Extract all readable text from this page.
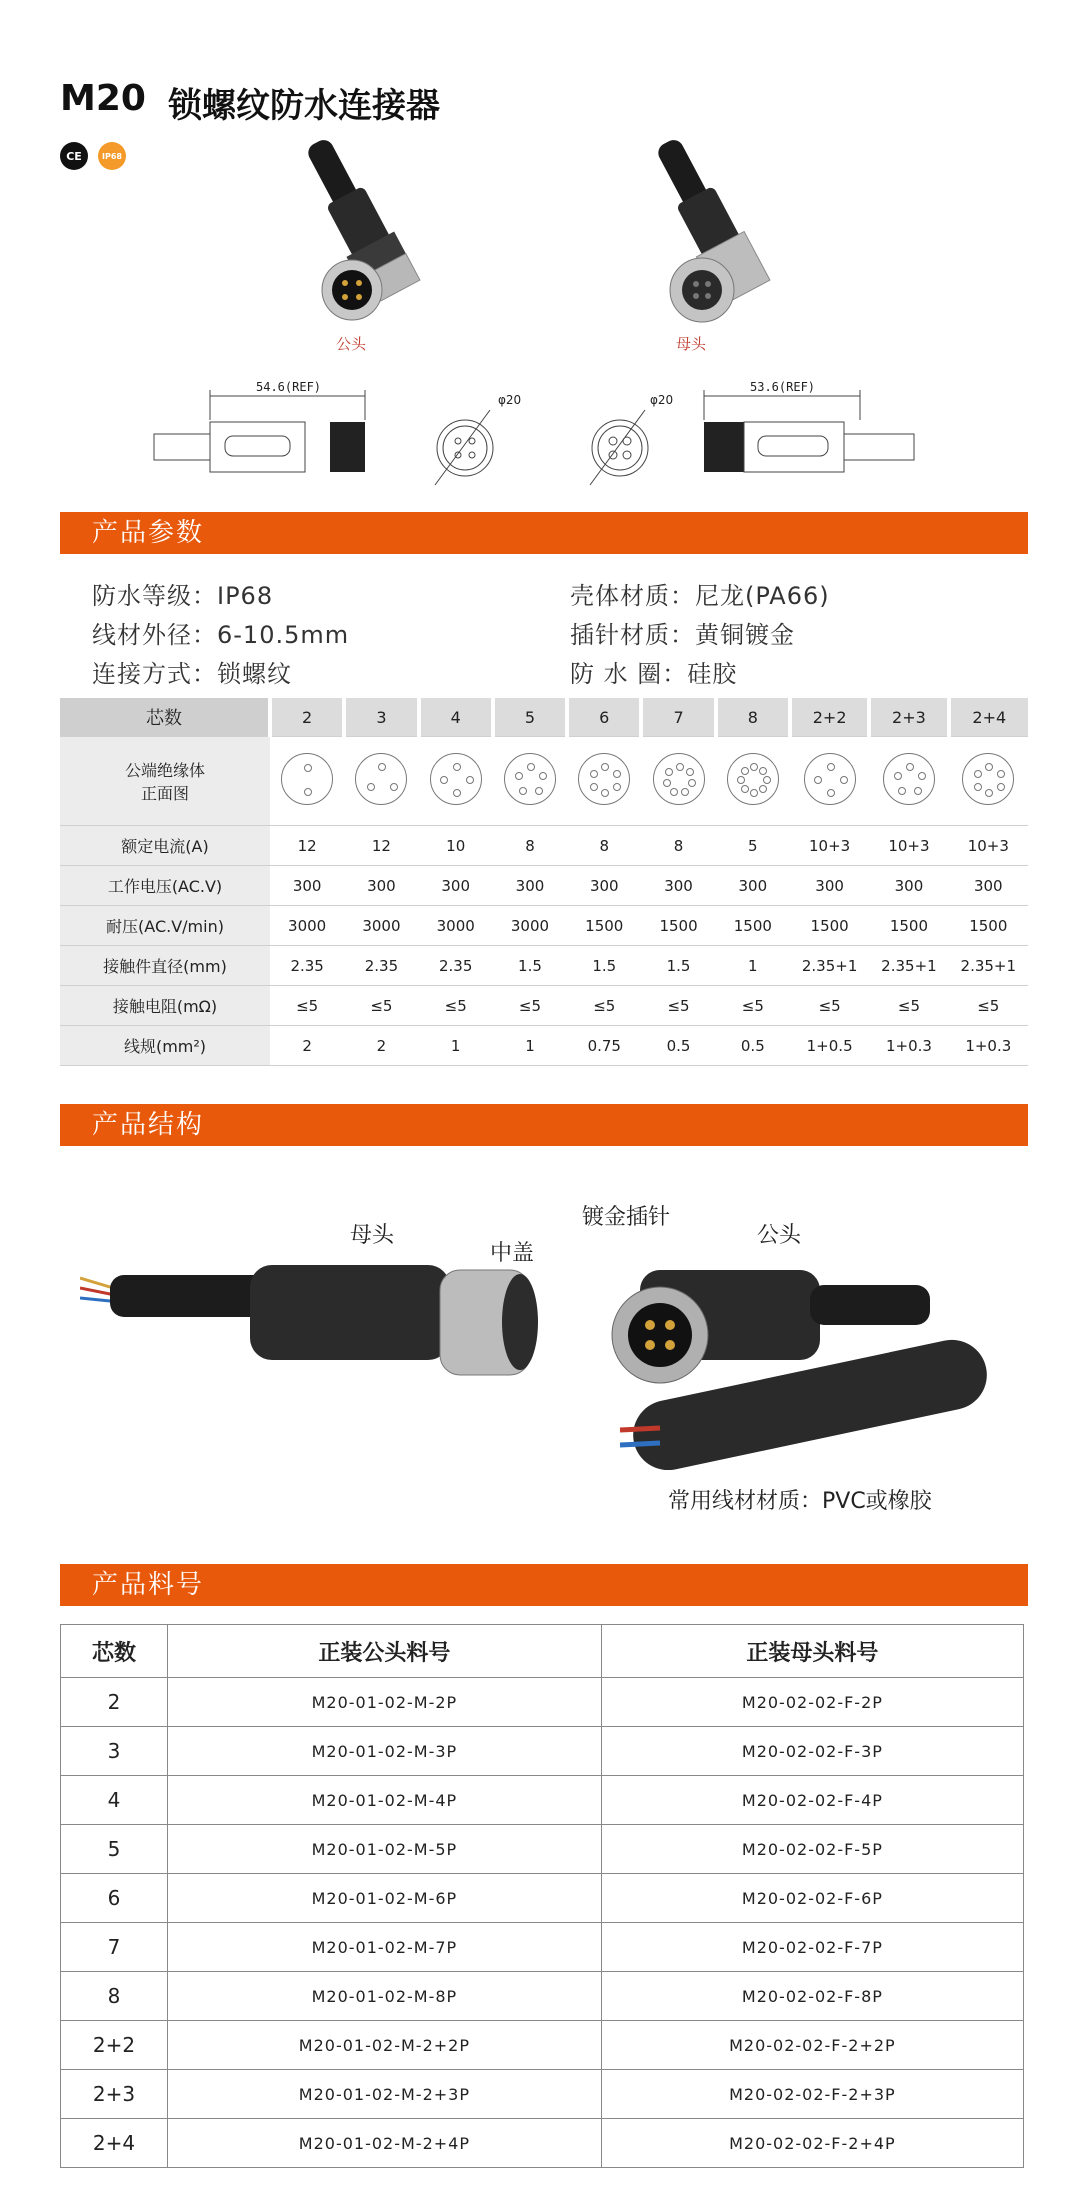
M20 锁螺纹防水连接器
CE	IP68
公头	母头
54.6(REF)
φ20	φ20
53.6(REF)
产品参数
防水等级：IP68
线材外径：6-10.5mm
连接方式：锁螺纹
壳体材质：尼龙(PA66)
插针材质：黄铜镀金
防 水 圈：硅胶
芯数	2	3	4	5	6	7	8	2+2	2+3	2+4

公端绝缘体
正面图										

额定电流(A)	12	12	10	8	8	8	5	10+3	10+3	10+3
工作电压(AC.V)	300	300	300	300	300	300	300	300	300	300
耐压(AC.V/min)	3000	3000	3000	3000	1500	1500	1500	1500	1500	1500
接触件直径(mm)	2.35	2.35	2.35	1.5	1.5	1.5	1	2.35+1	2.35+1	2.35+1
接触电阻(mΩ)	≤5	≤5	≤5	≤5	≤5	≤5	≤5	≤5	≤5	≤5
线规(mm²)	2	2	1	1	0.75	0.5	0.5	1+0.5	1+0.3	1+0.3
产品结构
母头
中盖
镀金插针
公头
常用线材材质：PVC或橡胶
产品料号
芯数	正装公头料号	正装母头料号
2	M20-01-02-M-2P	M20-02-02-F-2P
3	M20-01-02-M-3P	M20-02-02-F-3P
4	M20-01-02-M-4P	M20-02-02-F-4P
5	M20-01-02-M-5P	M20-02-02-F-5P
6	M20-01-02-M-6P	M20-02-02-F-6P
7	M20-01-02-M-7P	M20-02-02-F-7P
8	M20-01-02-M-8P	M20-02-02-F-8P
2+2	M20-01-02-M-2+2P	M20-02-02-F-2+2P
2+3	M20-01-02-M-2+3P	M20-02-02-F-2+3P
2+4	M20-01-02-M-2+4P	M20-02-02-F-2+4P
